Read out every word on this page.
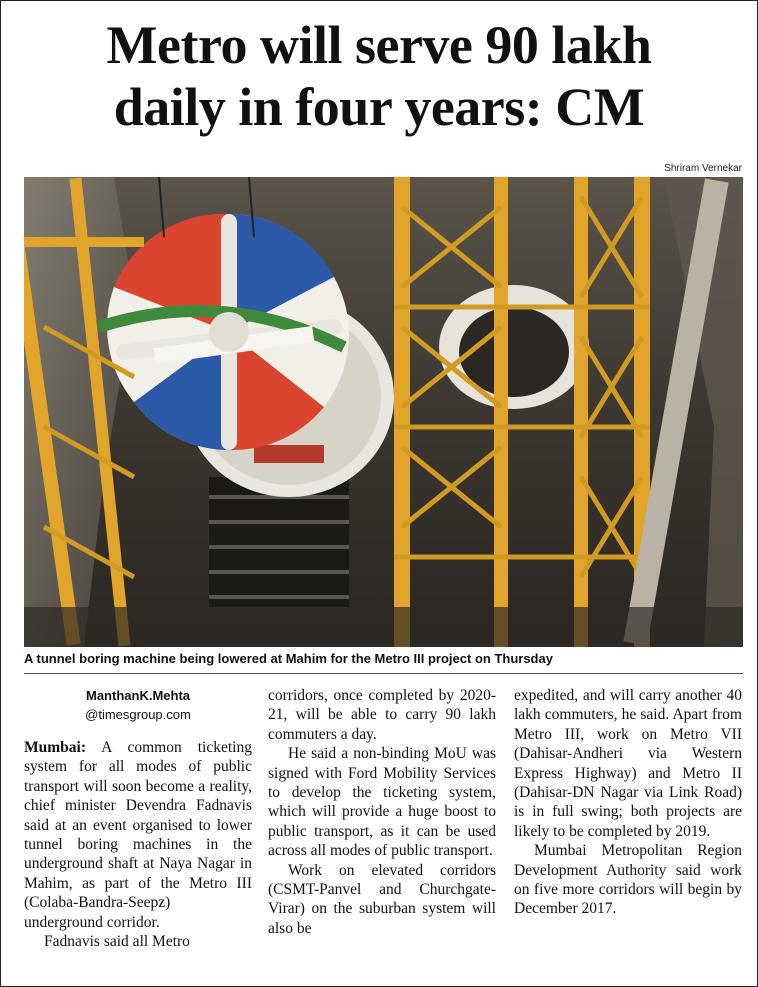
Metro will serve 90 lakh
daily in four years: CM
Shriram Vernekar
A tunnel boring machine being lowered at Mahim for the Metro III project on Thursday
ManthanK.Mehta
@timesgroup.com

Mumbai: A common ticketing system for all modes of public transport will soon become a reality, chief minister Devendra Fadnavis said at an event organised to lower tunnel boring machines in the underground shaft at Naya Nagar in Mahim, as part of the Metro III (Colaba-Bandra-Seepz) underground corridor.

Fadnavis said all Metro

corridors, once completed by 2020-21, will be able to carry 90 lakh commuters a day.

He said a non-binding MoU was signed with Ford Mobility Services to develop the ticketing system, which will provide a huge boost to public transport, as it can be used across all modes of public transport.

Work on elevated corridors (CSMT-Panvel and Churchgate-Virar) on the suburban system will also be

expedited, and will carry another 40 lakh commuters, he said. Apart from Metro III, work on Metro VII (Dahisar-Andheri via Western Express Highway) and Metro II (Dahisar-DN Nagar via Link Road) is in full swing; both projects are likely to be completed by 2019.

Mumbai Metropolitan Region Development Authority said work on five more corridors will begin by December 2017.
